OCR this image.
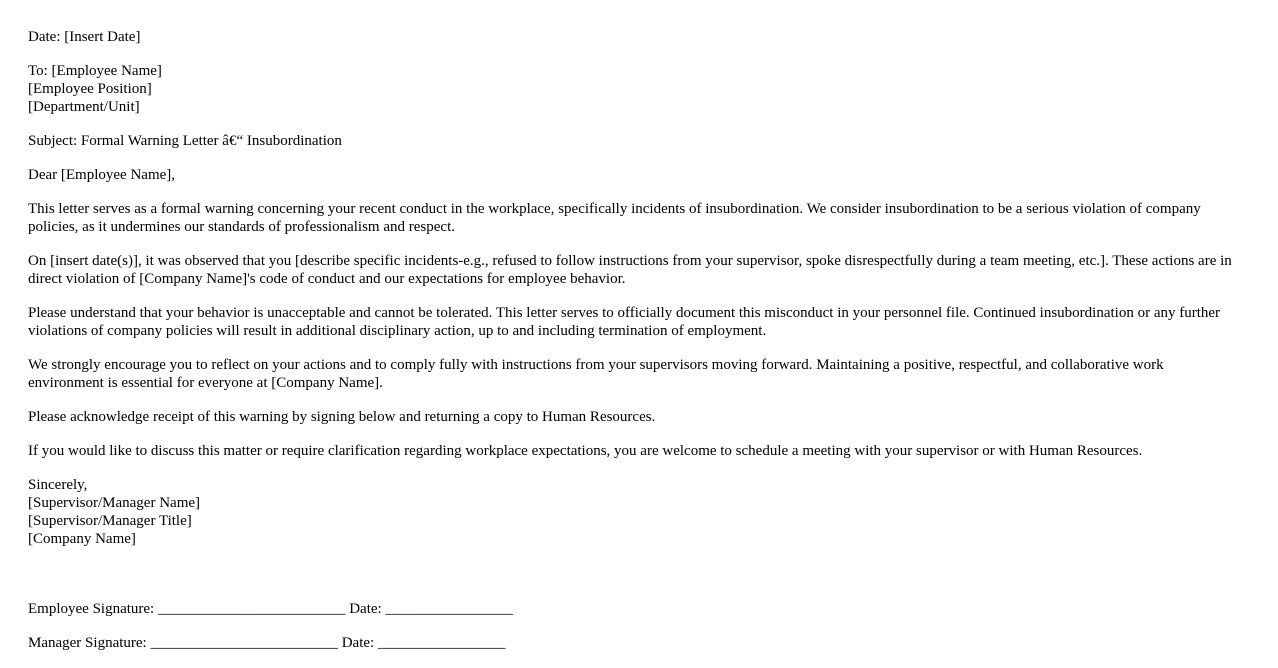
Date: [Insert Date]

To: [Employee Name]
[Employee Position]
[Department/Unit]

Subject: Formal Warning Letter â€“ Insubordination

Dear [Employee Name],

This letter serves as a formal warning concerning your recent conduct in the workplace, specifically incidents of insubordination. We consider insubordination to be a serious violation of company policies, as it undermines our standards of professionalism and respect.

On [insert date(s)], it was observed that you [describe specific incidents-e.g., refused to follow instructions from your supervisor, spoke disrespectfully during a team meeting, etc.]. These actions are in direct violation of [Company Name]'s code of conduct and our expectations for employee behavior.

Please understand that your behavior is unacceptable and cannot be tolerated. This letter serves to officially document this misconduct in your personnel file. Continued insubordination or any further violations of company policies will result in additional disciplinary action, up to and including termination of employment.

We strongly encourage you to reflect on your actions and to comply fully with instructions from your supervisors moving forward. Maintaining a positive, respectful, and collaborative work environment is essential for everyone at [Company Name].

Please acknowledge receipt of this warning by signing below and returning a copy to Human Resources.

If you would like to discuss this matter or require clarification regarding workplace expectations, you are welcome to schedule a meeting with your supervisor or with Human Resources.

Sincerely,
[Supervisor/Manager Name]
[Supervisor/Manager Title]
[Company Name]

Employee Signature: _________________________ Date: _________________
Manager Signature: _________________________ Date: _________________
